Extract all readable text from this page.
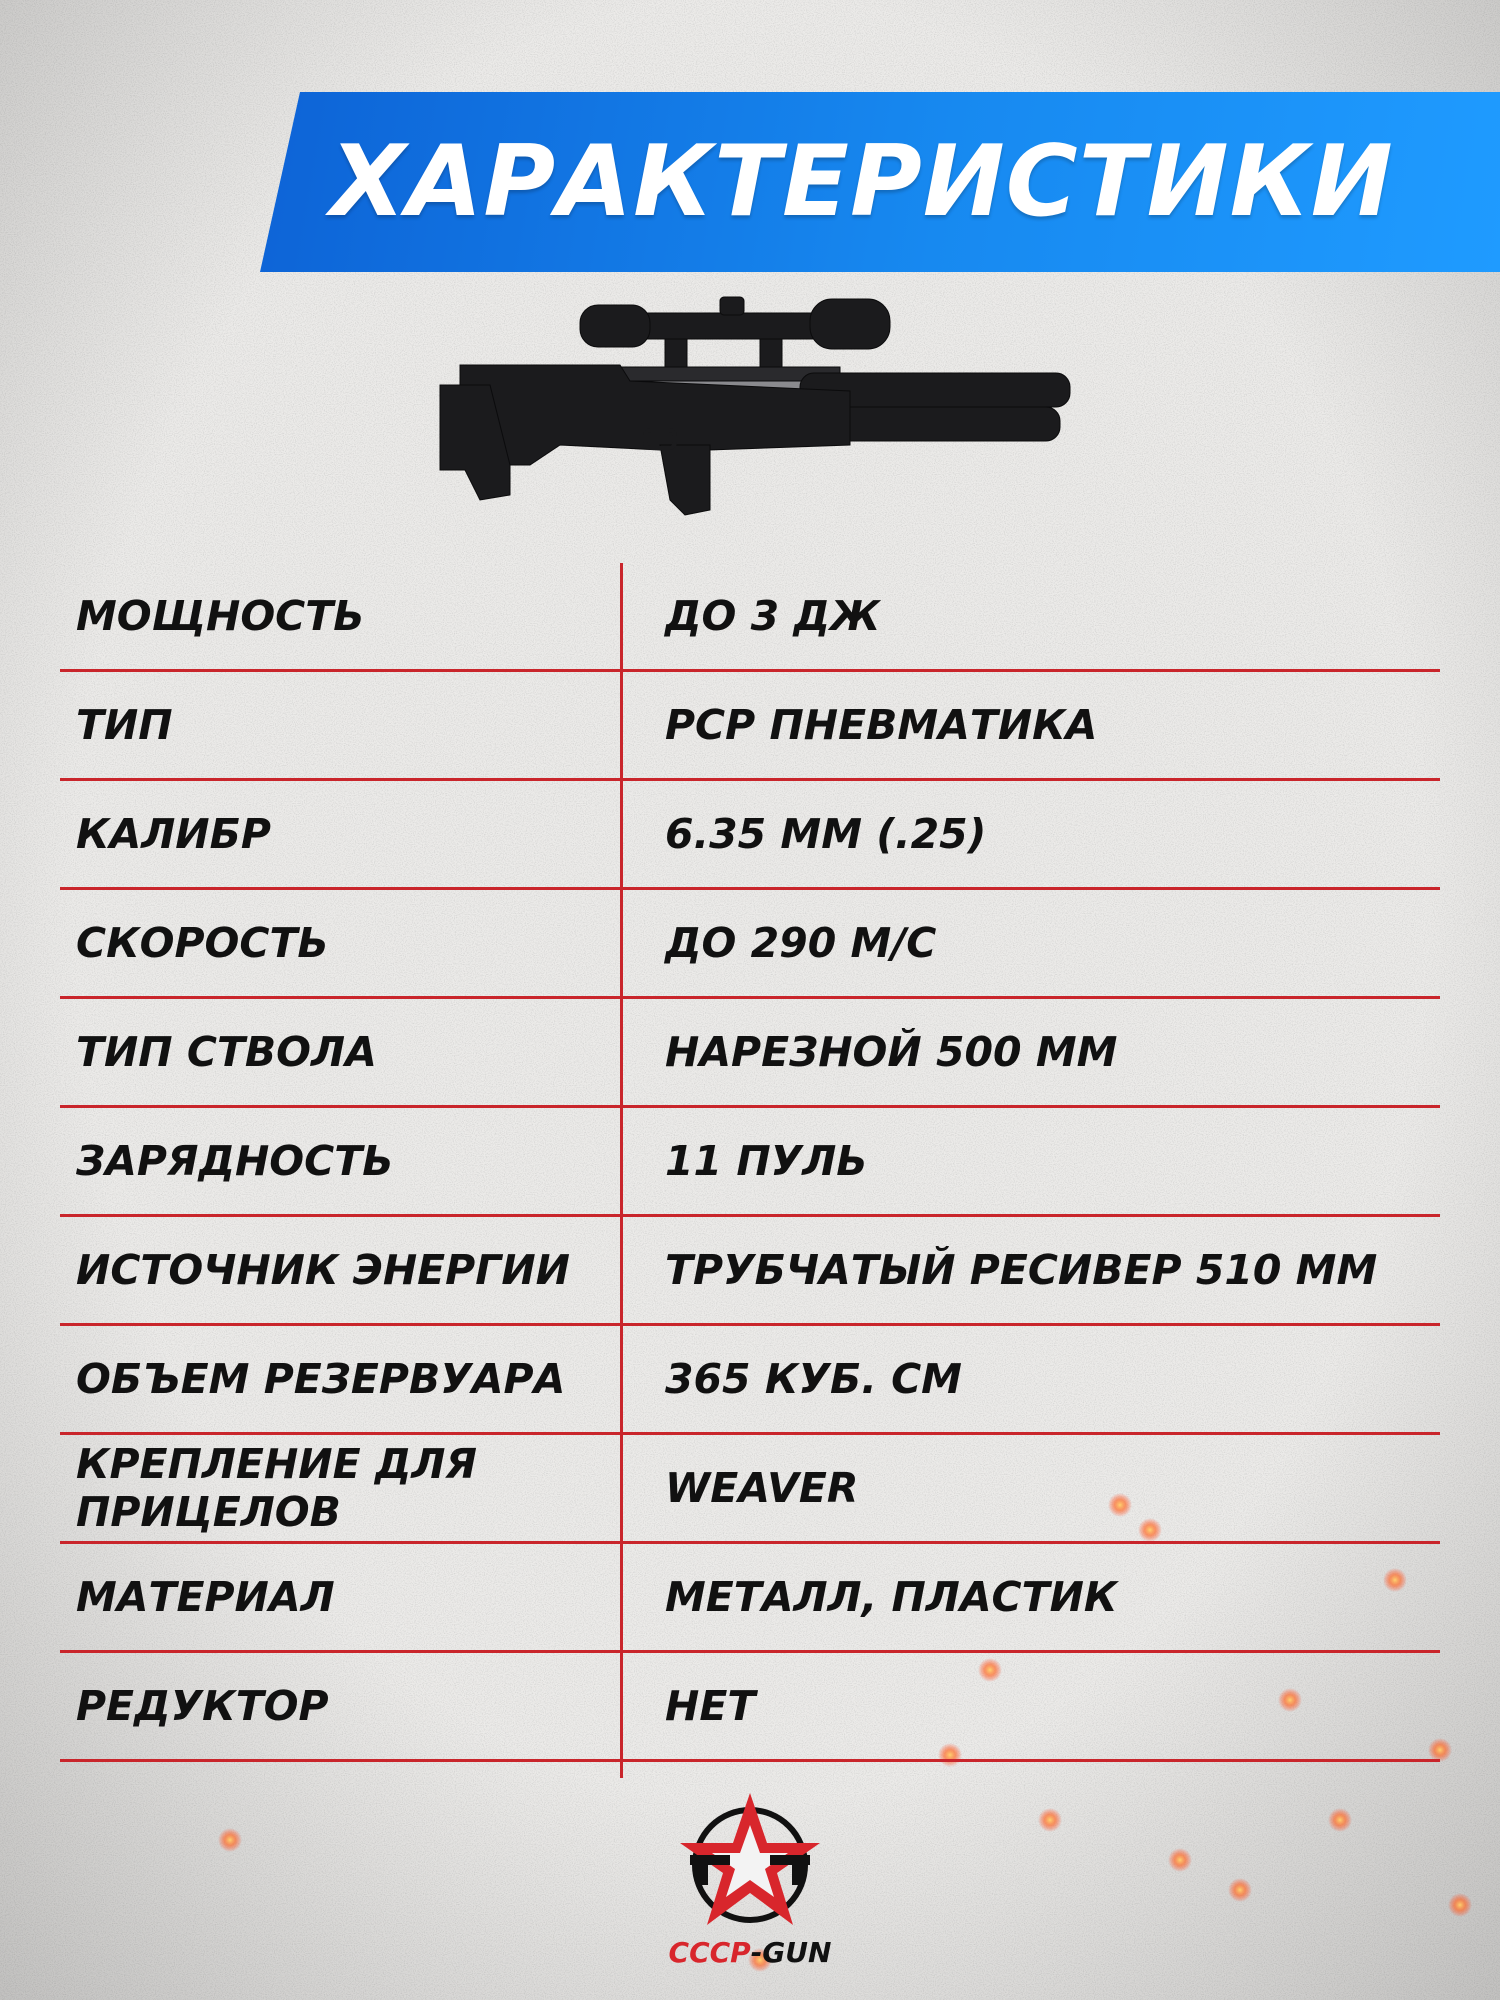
ХАРАКТЕРИСТИКИ
МОЩНОСТЬ	ДО 3 ДЖ
ТИП	PCP ПНЕВМАТИКА
КАЛИБР	6.35 ММ (.25)
СКОРОСТЬ	ДО 290 М/С
ТИП СТВОЛА	НАРЕЗНОЙ 500 ММ
ЗАРЯДНОСТЬ	11 ПУЛЬ
ИСТОЧНИК ЭНЕРГИИ	ТРУБЧАТЫЙ РЕСИВЕР 510 ММ
ОБЪЕМ РЕЗЕРВУАРА	365 КУБ. СМ
КРЕПЛЕНИЕ ДЛЯ ПРИЦЕЛОВ	WEAVER
МАТЕРИАЛ	МЕТАЛЛ, ПЛАСТИК
РЕДУКТОР	НЕТ
СССР-GUN
